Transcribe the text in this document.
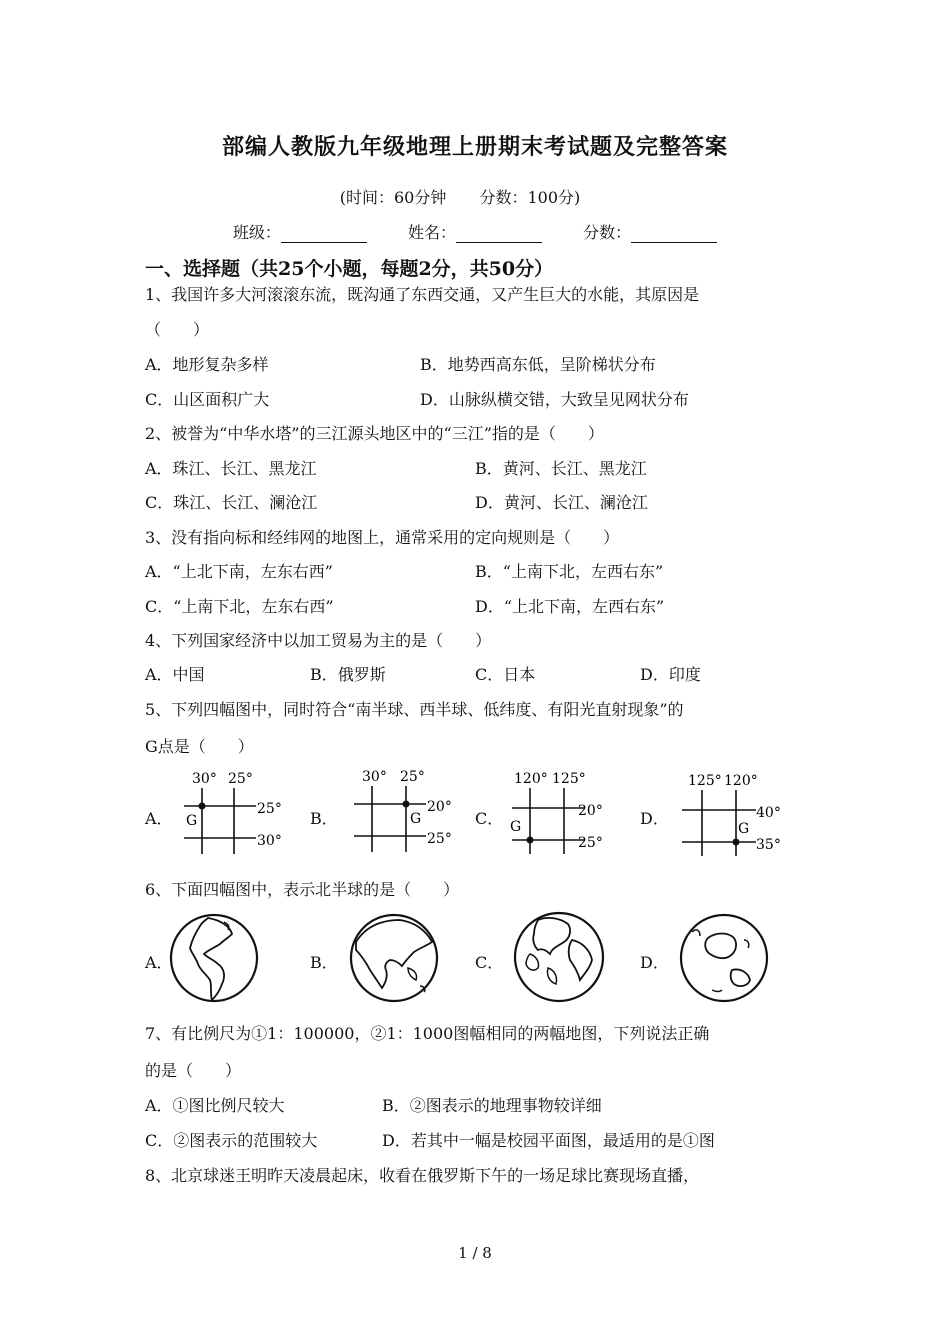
部编人教版九年级地理上册期末考试题及完整答案
(时间：60分钟 分数：100分)
班级：	姓名：	分数：
一、选择题（共25个小题，每题2分，共50分）
1、我国许多大河滚滚东流，既沟通了东西交通，又产生巨大的水能，其原因是
（　　）
A．地形复杂多样	B．地势西高东低，呈阶梯状分布
C．山区面积广大	D．山脉纵横交错，大致呈见网状分布
2、被誉为“中华水塔”的三江源头地区中的“三江”指的是（　　）
A．珠江、长江、黑龙江	B．黄河、长江、黑龙江
C．珠江、长江、澜沧江	D．黄河、长江、澜沧江
3、没有指向标和经纬网的地图上，通常采用的定向规则是（　　）
A．“上北下南，左东右西”	B．“上南下北，左西右东”
C．“上南下北，左东右西”	D．“上北下南，左西右东”
4、下列国家经济中以加工贸易为主的是（　　）
A．中国	B．俄罗斯	C．日本	D．印度
5、下列四幅图中，同时符合“南半球、西半球、低纬度、有阳光直射现象”的
G点是（　　）
A．	B．	C．	D．
30° 25°
25°
30°
G
30° 25°
20°
25°
G
120° 125°
20°
25°
G
125° 120°
40°
35°
G
6、下面四幅图中，表示北半球的是（　　）
A．	B．	C．	D．
7、有比例尺为①1：100000，②1：1000图幅相同的两幅地图，下列说法正确
的是（　　）
A．①图比例尺较大	B．②图表示的地理事物较详细
C．②图表示的范围较大	D．若其中一幅是校园平面图，最适用的是①图
8、北京球迷王明昨天凌晨起床，收看在俄罗斯下午的一场足球比赛现场直播，
1 / 8
